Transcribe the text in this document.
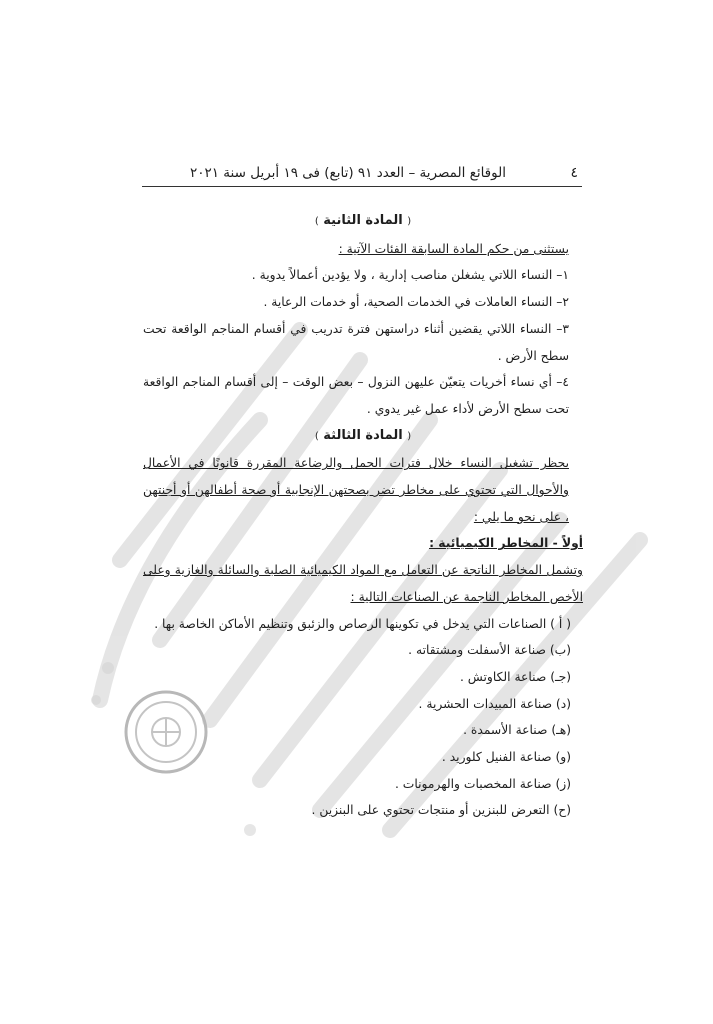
٤
الوقائع المصرية – العدد ٩١ (تابع) فى ١٩ أبريل سنة ٢٠٢١

( المادة الثانية )

يستثنى من حكم المادة السابقة الفئات الآتية :

١– النساء اللاتي يشغلن مناصب إدارية ، ولا يؤدين أعمالاً يدوية .

٢– النساء العاملات في الخدمات الصحية، أو خدمات الرعاية .

٣– النساء اللاتي يقضين أثناء دراستهن فترة تدريب في أقسام المناجم الواقعة تحت سطح الأرض .

٤– أي نساء أخريات يتعيّن عليهن النزول – بعض الوقت – إلى أقسام المناجم الواقعة تحت سطح الأرض لأداء عمل غير يدوي .

( المادة الثالثة )

يحظر تشغيل النساء خلال فترات الحمل والرضاعة المقررة قانونًا في الأعمال والأحوال التي تحتوي على مخاطر تضر بصحتهن الإنجابية أو صحة أطفالهن أو أجنتهن ، على نحو ما يلي :

أولاً - المخاطر الكيميائية :

وتشمل المخاطر الناتجة عن التعامل مع المواد الكيميائية الصلبة والسائلة والغازية وعلى الأخص المخاطر الناجمة عن الصناعات التالية :

( أ ) الصناعات التي يدخل في تكوينها الرصاص والزئبق وتنظيم الأماكن الخاصة بها .

(ب) صناعة الأسفلت ومشتقاته .

(جـ) صناعة الكاوتش .

(د) صناعة المبيدات الحشرية .

(هـ) صناعة الأسمدة .

(و) صناعة الفنيل كلوريد .

(ز) صناعة المخصبات والهرمونات .

(ح) التعرض للبنزين أو منتجات تحتوي على البنزين .
